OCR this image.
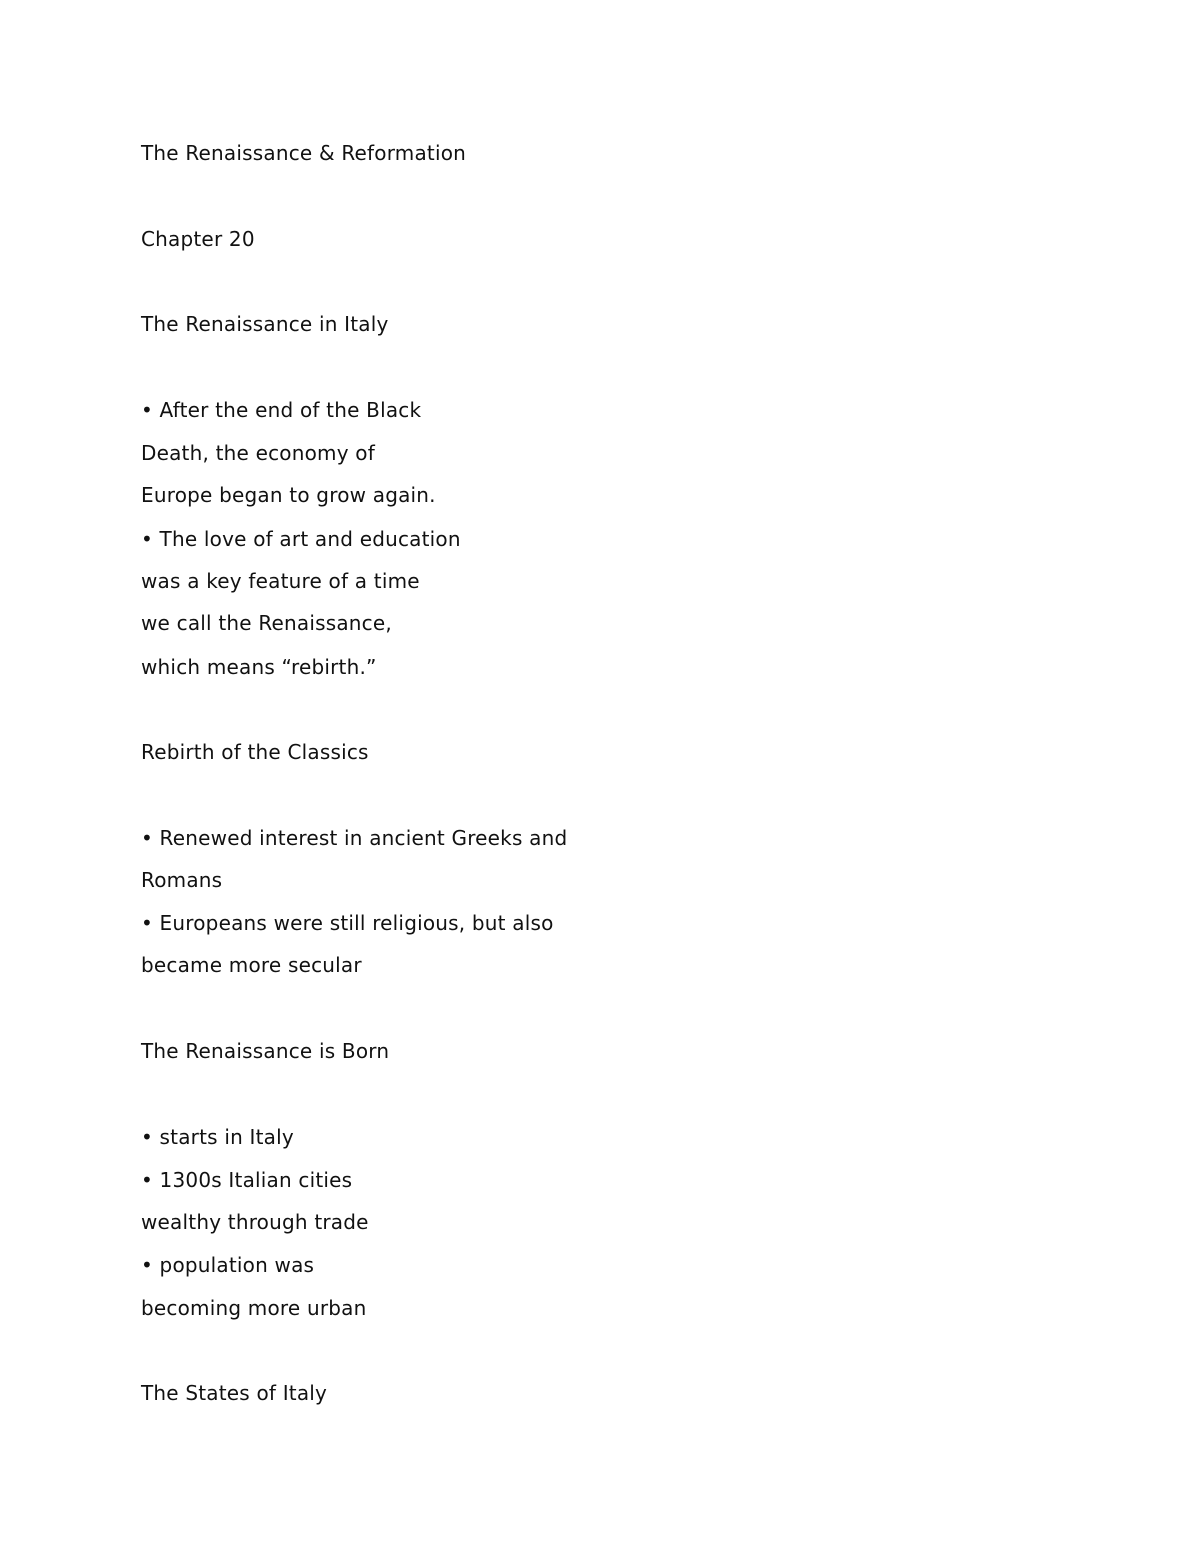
The Renaissance & Reformation
Chapter 20
The Renaissance in Italy
• After the end of the Black
Death, the economy of
Europe began to grow again.
• The love of art and education
was a key feature of a time
we call the Renaissance,
which means “rebirth.”
Rebirth of the Classics
• Renewed interest in ancient Greeks and
Romans
• Europeans were still religious, but also
became more secular
The Renaissance is Born
• starts in Italy
• 1300s Italian cities
wealthy through trade
• population was
becoming more urban
The States of Italy
